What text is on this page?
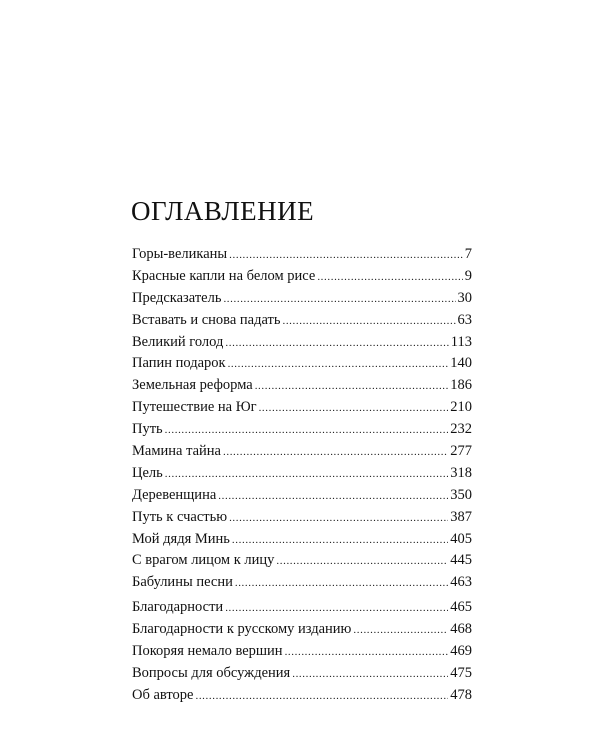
ОГЛАВЛЕНИЕ
Горы-великаны .....	7
Красные капли на белом рисе .....	9
Предсказатель .....	30
Вставать и снова падать .....	63
Великий голод .....	113
Папин подарок .....	140
Земельная реформа .....	186
Путешествие на Юг .....	210
Путь .....	232
Мамина тайна .....	277
Цель .....	318
Деревенщина .....	350
Путь к счастью .....	387
Мой дядя Минь .....	405
С врагом лицом к лицу .....	445
Бабулины песни .....	463
Благодарности .....	465
Благодарности к русскому изданию .....	468
Покоряя немало вершин .....	469
Вопросы для обсуждения .....	475
Об авторе .....	478
